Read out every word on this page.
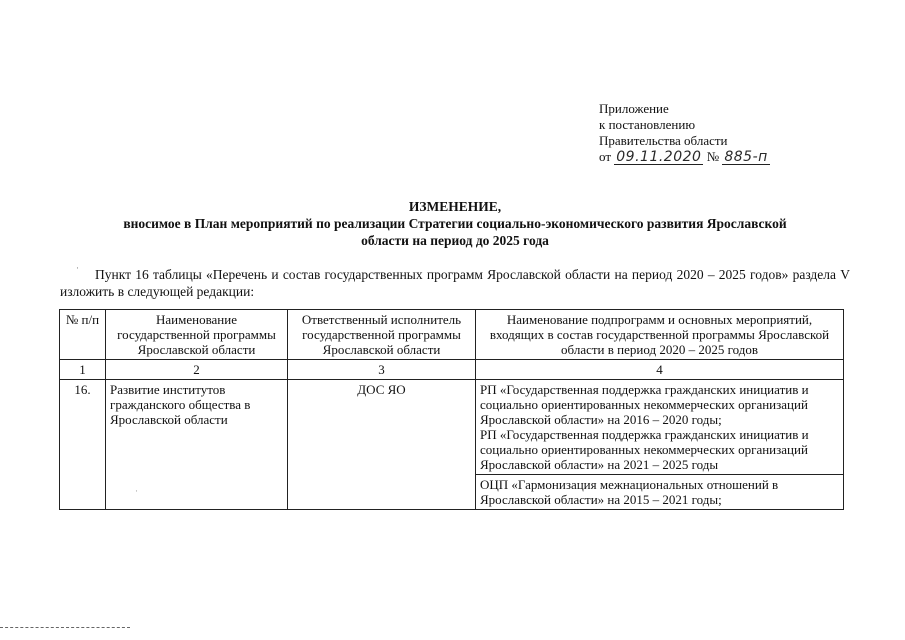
Приложение
к постановлению
Правительства области
от 09.11.2020 № 885-п
ИЗМЕНЕНИЕ,
вносимое в План мероприятий по реализации Стратегии социально-экономического развития Ярославской
области на период до 2025 года
·	Пункт 16 таблицы «Перечень и состав государственных программ Ярославской области на период 2020 – 2025 годов» раздела V изложить в следующей редакции:
№ п/п	Наименование государственной программы Ярославской области	Ответственный исполнитель государственной программы Ярославской области	Наименование подпрограмм и основных мероприятий, входящих в состав государственной программы Ярославской области в период 2020 – 2025 годов
1	2	3	4
16.	Развитие институтов гражданского общества в Ярославской области	ДОС ЯО	РП «Государственная поддержка гражданских инициатив и социально ориентированных некоммерческих организаций Ярославской области» на 2016 – 2020 годы;
РП «Государственная поддержка гражданских инициатив и социально ориентированных некоммерческих организаций Ярославской области» на 2021 – 2025 годы

			ОЦП «Гармонизация межнациональных отношений в Ярославской области» на 2015 – 2021 годы;
·
